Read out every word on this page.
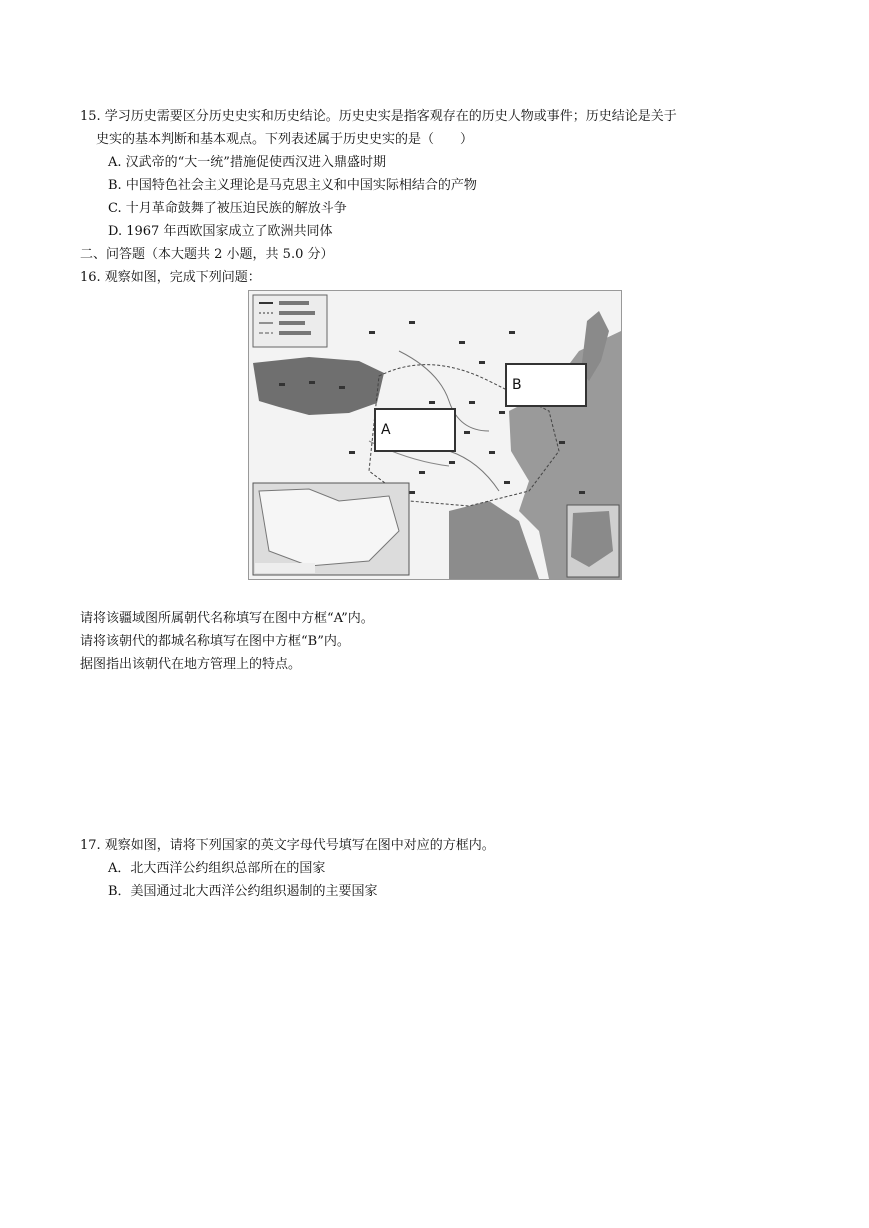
15. 学习历史需要区分历史史实和历史结论。历史史实是指客观存在的历史人物或事件；历史结论是关于
史实的基本判断和基本观点。下列表述属于历史史实的是（　　）
A. 汉武帝的“大一统”措施促使西汉进入鼎盛时期
B. 中国特色社会主义理论是马克思主义和中国实际相结合的产物
C. 十月革命鼓舞了被压迫民族的解放斗争
D. 1967 年西欧国家成立了欧洲共同体
二、问答题（本大题共 2 小题，共 5.0 分）
16. 观察如图，完成下列问题：
A
B
请将该疆域图所属朝代名称填写在图中方框“A”内。
请将该朝代的都城名称填写在图中方框“B”内。
据图指出该朝代在地方管理上的特点。
17. 观察如图，请将下列国家的英文字母代号填写在图中对应的方框内。
A．北大西洋公约组织总部所在的国家
B．美国通过北大西洋公约组织遏制的主要国家
